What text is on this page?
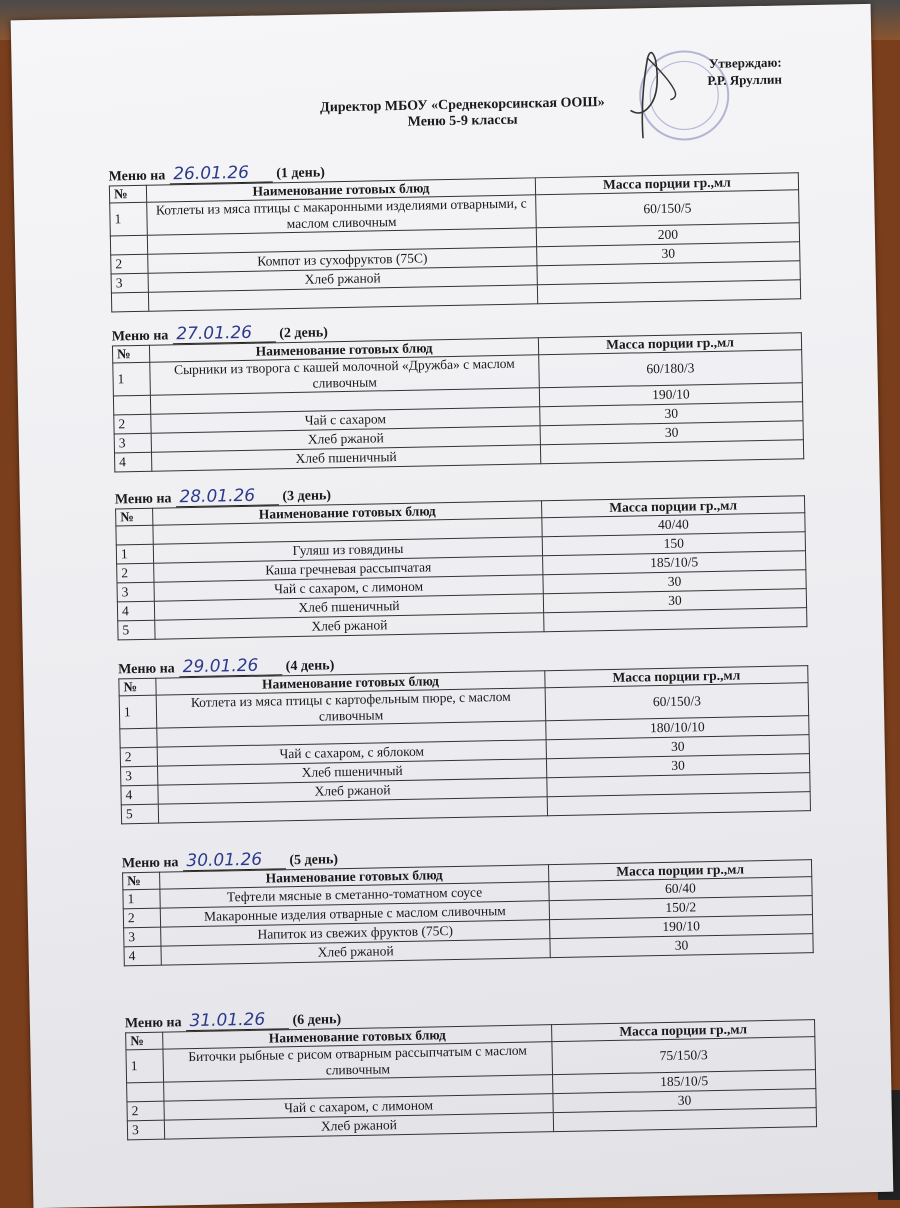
Утверждаю:
Р.Р. Яруллин
Директор МБОУ «Среднекорсинская ООШ»
Меню 5-9 классы
Меню на 26.01.26	(1 день)
№	Наименование готовых блюд	Масса порции гр.,мл
1	Котлеты из мяса птицы с макаронными изделиями отварными, с маслом сливочным	60/150/5
		200
2	Компот из сухофруктов (75С)	30
3	Хлеб ржаной	

Меню на 27.01.26	(2 день)
№	Наименование готовых блюд	Масса порции гр.,мл
1	Сырники из творога с кашей молочной «Дружба» с маслом сливочным	60/180/3
		190/10
2	Чай с сахаром	30
3	Хлеб ржаной	30
4	Хлеб пшеничный	
Меню на 28.01.26	(3 день)
№	Наименование готовых блюд	Масса порции гр.,мл
		40/40
1	Гуляш из говядины	150
2	Каша гречневая рассыпчатая	185/10/5
3	Чай с сахаром, с лимоном	30
4	Хлеб пшеничный	30
5	Хлеб ржаной	
Меню на 29.01.26	(4 день)
№	Наименование готовых блюд	Масса порции гр.,мл
1	Котлета из мяса птицы с картофельным пюре, с маслом сливочным	60/150/3
		180/10/10
2	Чай с сахаром, с яблоком	30
3	Хлеб пшеничный	30
4	Хлеб ржаной	
5		
Меню на 30.01.26	(5 день)
№	Наименование готовых блюд	Масса порции гр.,мл
1	Тефтели мясные в сметанно-томатном соусе	60/40
2	Макаронные изделия отварные с маслом сливочным	150/2
3	Напиток из свежих фруктов (75С)	190/10
4	Хлеб ржаной	30
Меню на 31.01.26	(6 день)
№	Наименование готовых блюд	Масса порции гр.,мл
1	Биточки рыбные с рисом отварным рассыпчатым с маслом сливочным	75/150/3
		185/10/5
2	Чай с сахаром, с лимоном	30
3	Хлеб ржаной	
